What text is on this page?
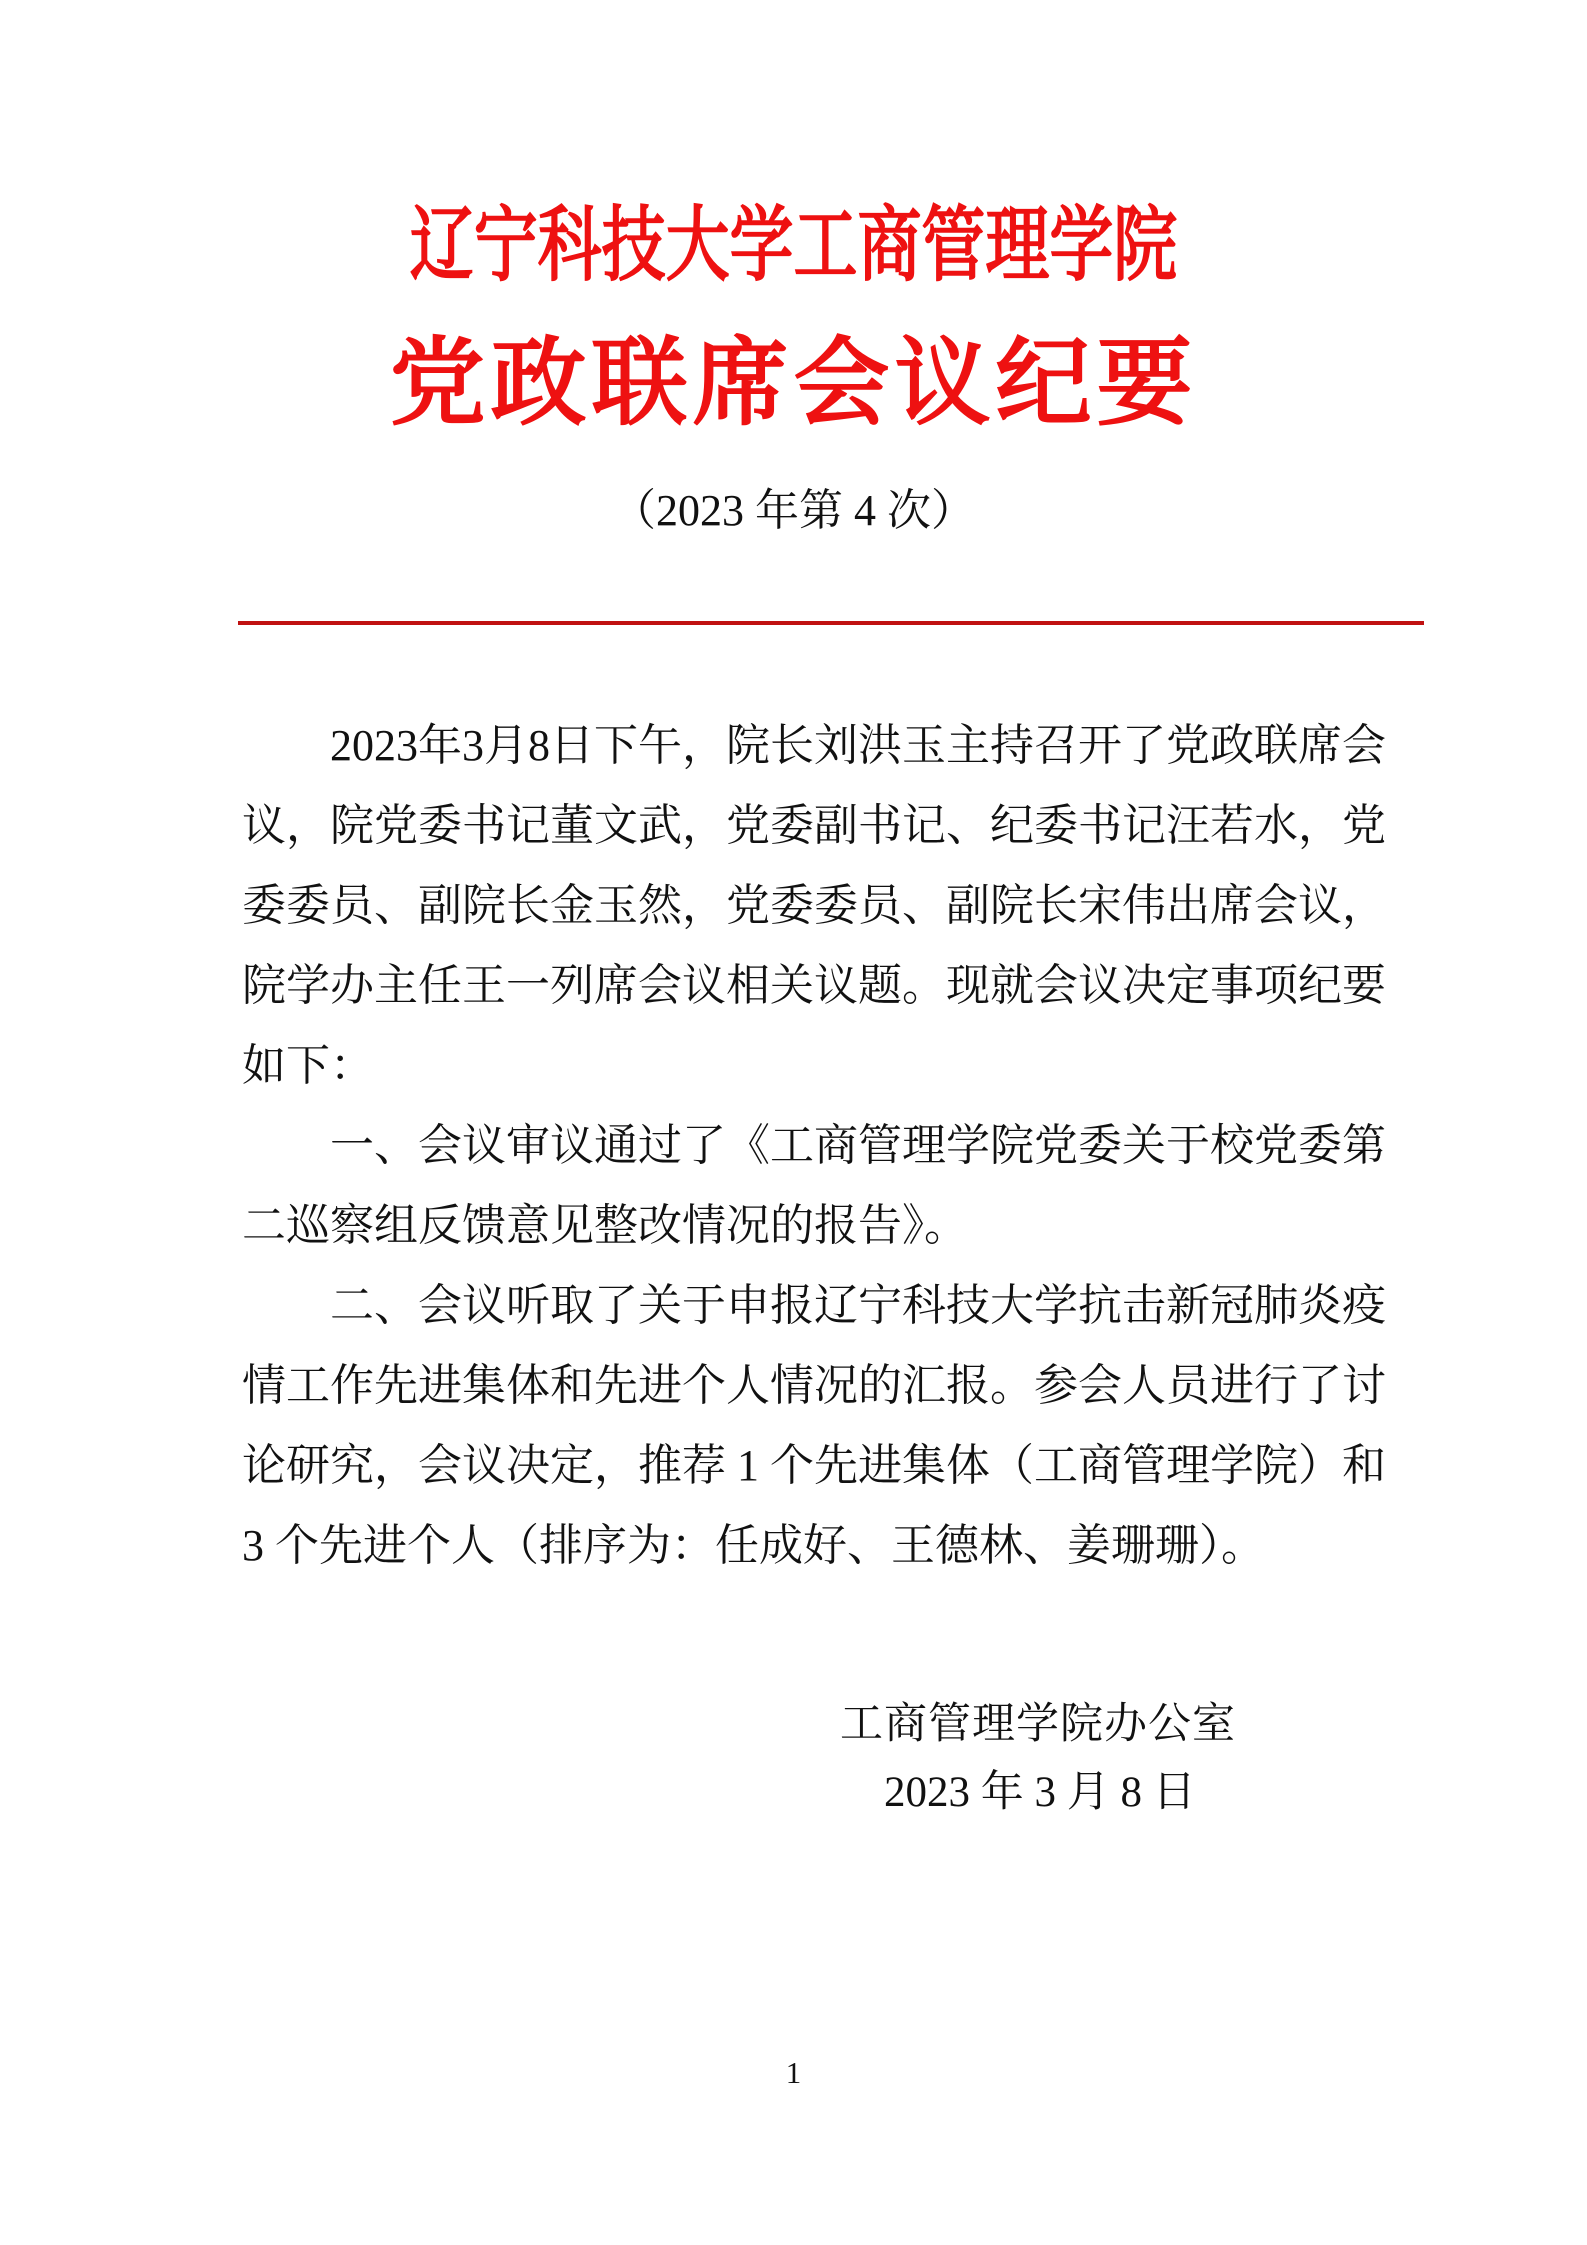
辽宁科技大学工商管理学院
党政联席会议纪要
（2023 年第 4 次）
2023年3月8日下午，院长刘洪玉主持召开了党政联席会
议，院党委书记董文武，党委副书记、纪委书记汪若水，党
委委员、副院长金玉然，党委委员、副院长宋伟出席会议，
院学办主任王一列席会议相关议题。现就会议决定事项纪要
如下：
一、会议审议通过了《工商管理学院党委关于校党委第
二巡察组反馈意见整改情况的报告》。
二、会议听取了关于申报辽宁科技大学抗击新冠肺炎疫
情工作先进集体和先进个人情况的汇报。参会人员进行了讨
论研究，会议决定，推荐 1 个先进集体（工商管理学院）和
3 个先进个人（排序为：任成好、王德林、姜珊珊）。
工商管理学院办公室
2023 年 3 月 8 日
1
